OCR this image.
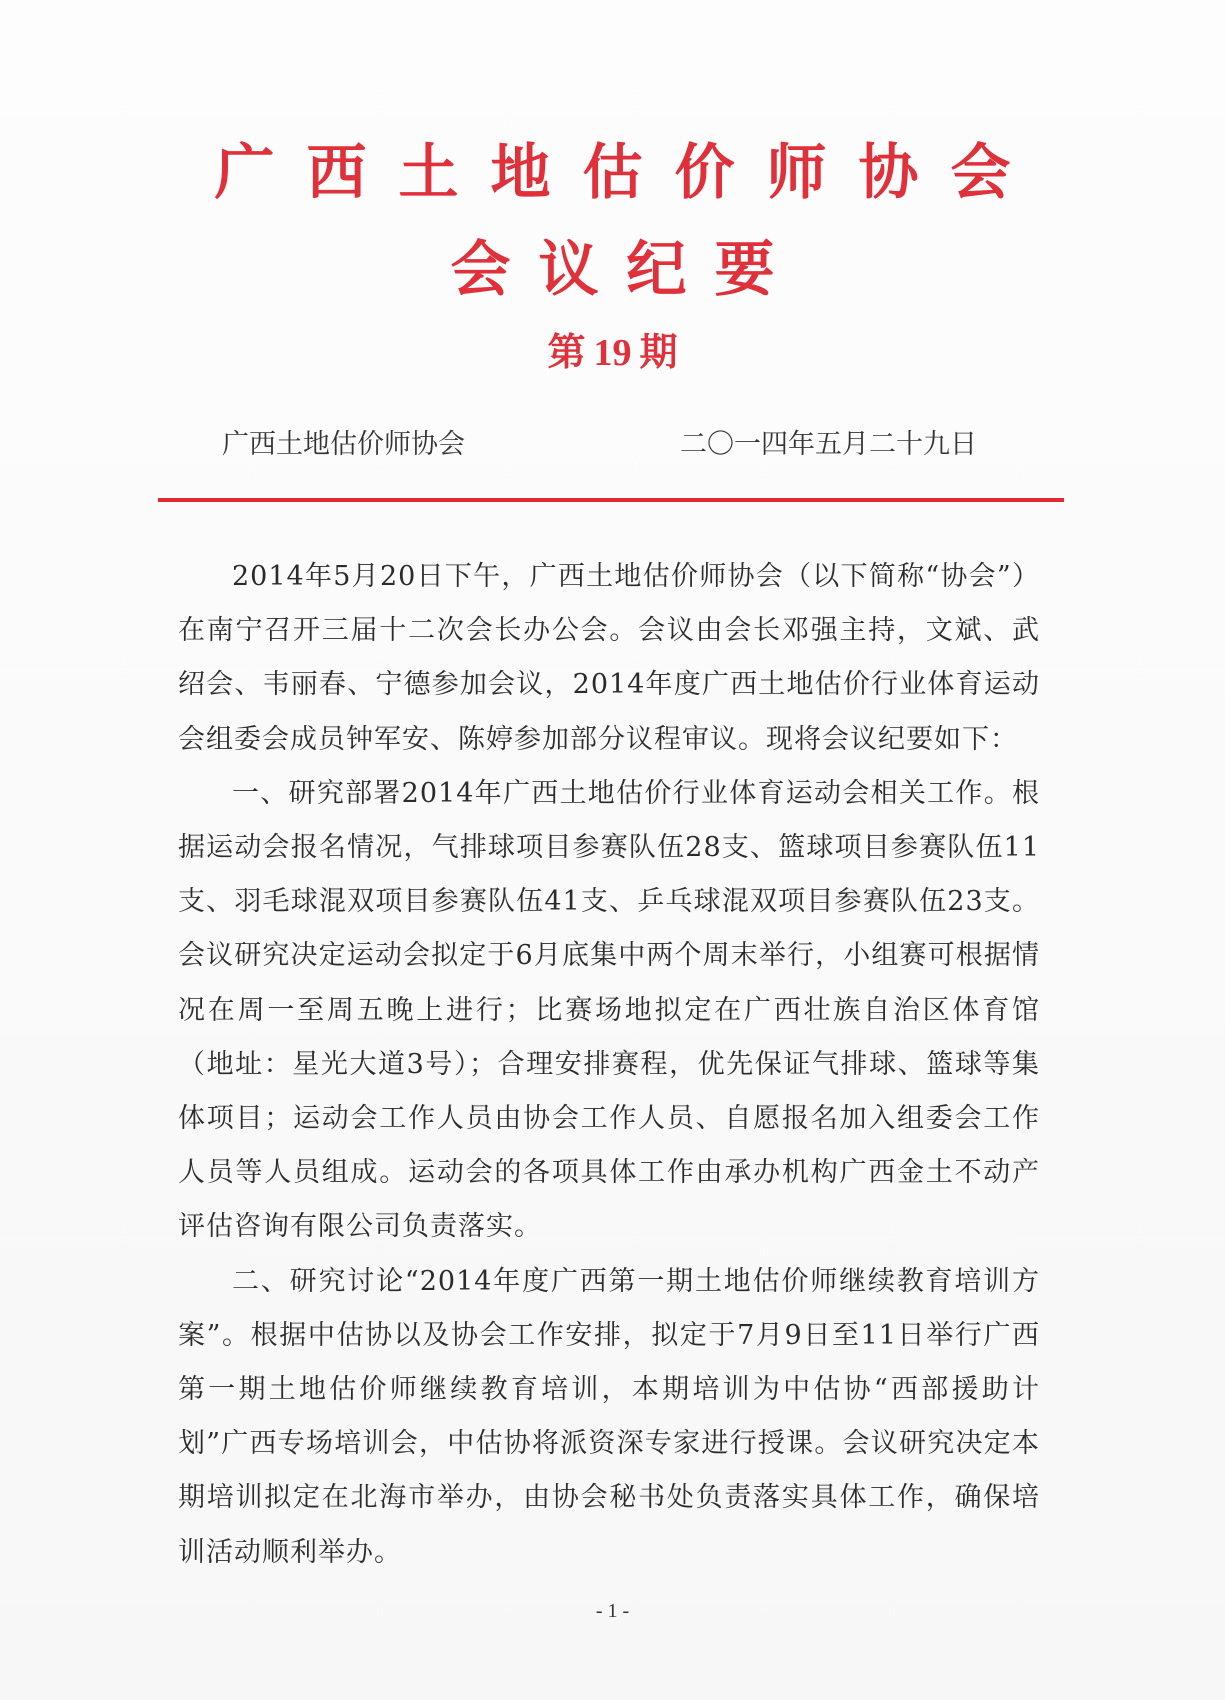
广西土地估价师协会
会议纪要
第 19 期
广西土地估价师协会	二〇一四年五月二十九日

2014年5月20日下午，广西土地估价师协会（以下简称“协会”）在南宁召开三届十二次会长办公会。会议由会长邓强主持，文斌、武绍会、韦丽春、宁德参加会议，2014年度广西土地估价行业体育运动会组委会成员钟军安、陈婷参加部分议程审议。现将会议纪要如下：

一、研究部署2014年广西土地估价行业体育运动会相关工作。根据运动会报名情况，气排球项目参赛队伍28支、篮球项目参赛队伍11支、羽毛球混双项目参赛队伍41支、乒乓球混双项目参赛队伍23支。会议研究决定运动会拟定于6月底集中两个周末举行，小组赛可根据情况在周一至周五晚上进行；比赛场地拟定在广西壮族自治区体育馆（地址：星光大道3号）；合理安排赛程，优先保证气排球、篮球等集体项目；运动会工作人员由协会工作人员、自愿报名加入组委会工作人员等人员组成。运动会的各项具体工作由承办机构广西金土不动产评估咨询有限公司负责落实。

二、研究讨论“2014年度广西第一期土地估价师继续教育培训方案”。根据中估协以及协会工作安排，拟定于7月9日至11日举行广西第一期土地估价师继续教育培训，本期培训为中估协“西部援助计划”广西专场培训会，中估协将派资深专家进行授课。会议研究决定本期培训拟定在北海市举办，由协会秘书处负责落实具体工作，确保培训活动顺利举办。

- 1 -
